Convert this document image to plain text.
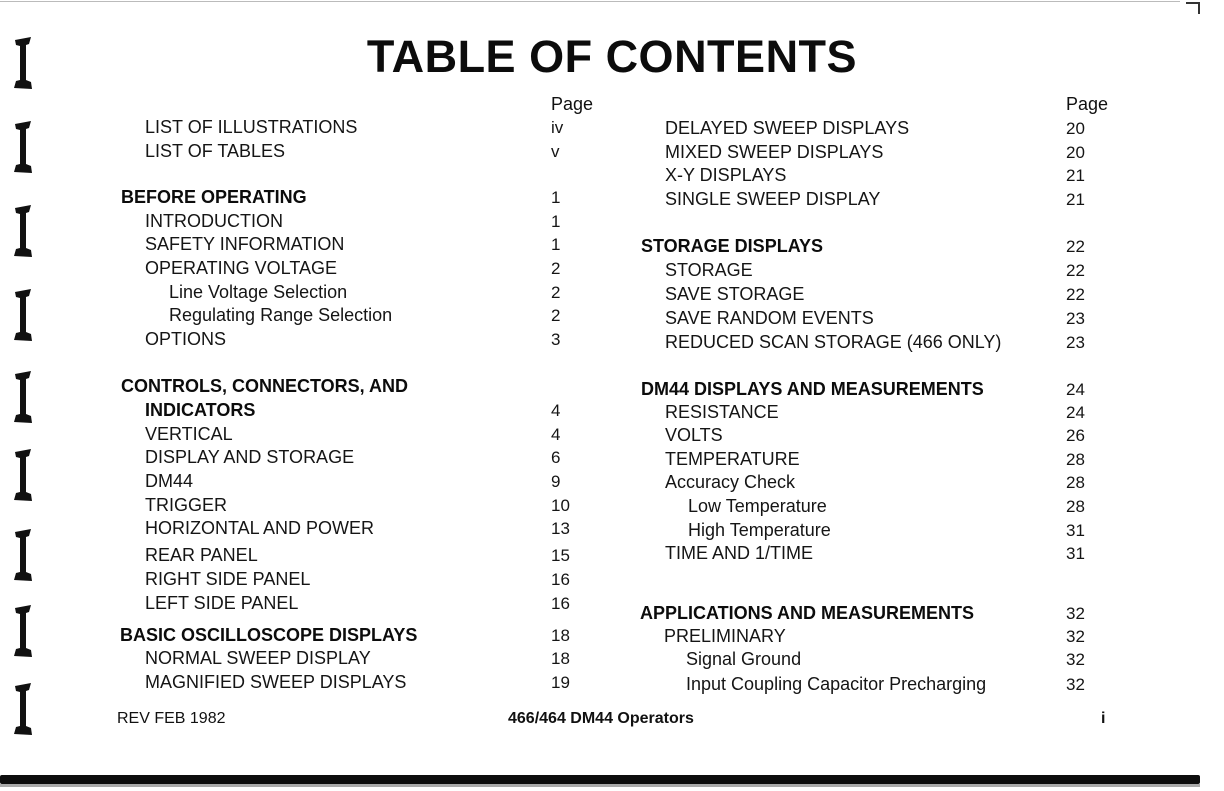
TABLE OF CONTENTS
Page	Page
LIST OF ILLUSTRATIONS	iv
LIST OF TABLES	v
BEFORE OPERATING	1
INTRODUCTION	1
SAFETY INFORMATION	1
OPERATING VOLTAGE	2
Line Voltage Selection	2
Regulating Range Selection	2
OPTIONS	3
CONTROLS, CONNECTORS, AND
INDICATORS	4
VERTICAL	4
DISPLAY AND STORAGE	6
DM44	9
TRIGGER	10
HORIZONTAL AND POWER	13
REAR PANEL	15
RIGHT SIDE PANEL	16
LEFT SIDE PANEL	16
BASIC OSCILLOSCOPE DISPLAYS	18
NORMAL SWEEP DISPLAY	18
MAGNIFIED SWEEP DISPLAYS	19
DELAYED SWEEP DISPLAYS	20
MIXED SWEEP DISPLAYS	20
X-Y DISPLAYS	21
SINGLE SWEEP DISPLAY	21
STORAGE DISPLAYS	22
STORAGE	22
SAVE STORAGE	22
SAVE RANDOM EVENTS	23
REDUCED SCAN STORAGE (466 ONLY)	23
DM44 DISPLAYS AND MEASUREMENTS	24
RESISTANCE	24
VOLTS	26
TEMPERATURE	28
Accuracy Check	28
Low Temperature	28
High Temperature	31
TIME AND 1/TIME	31
APPLICATIONS AND MEASUREMENTS	32
PRELIMINARY	32
Signal Ground	32
Input Coupling Capacitor Precharging	32
REV FEB 1982	466/464 DM44 Operators	i
